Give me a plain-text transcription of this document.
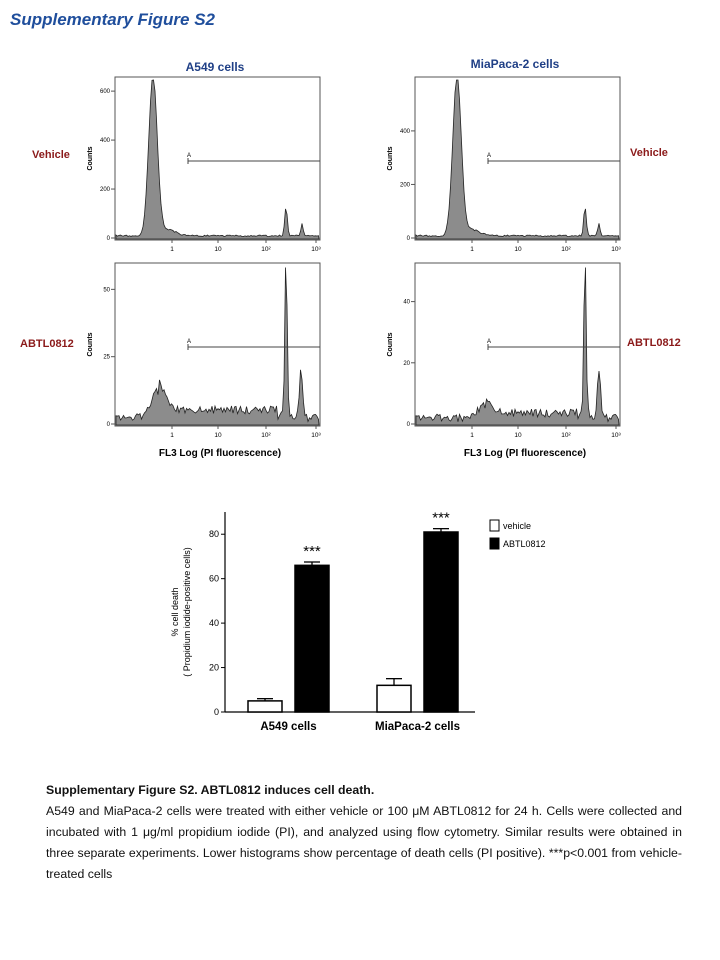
Supplementary Figure S2
A549 cells	MiaPaca-2 cells
Vehicle	Vehicle
ABTL0812	ABTL0812
Counts
0
200
400
600
1	10	10²	10³
A	Counts
0
200
400
1	10	10²	10³
A
Counts
0
25
50
1	10	10²	10³
A	Counts
0
20
40
1	10	10²	10³
A
FL3 Log (PI fluorescence)	FL3 Log (PI fluorescence)
0
20
40
60
80
% cell death ( Propidium iodide-positive cells)	***
A549 cells
***
MiaPaca-2 cells
vehicle
ABTL0812
Supplementary Figure S2. ABTL0812 induces cell death.
A549 and MiaPaca-2 cells were treated with either vehicle or 100 μM ABTL0812 for 24 h. Cells were collected and incubated with 1 μg/ml propidium iodide (PI), and analyzed using flow cytometry. Similar results were obtained in three separate experiments. Lower histograms show percentage of death cells (PI positive). ***p<0.001 from vehicle-treated cells
